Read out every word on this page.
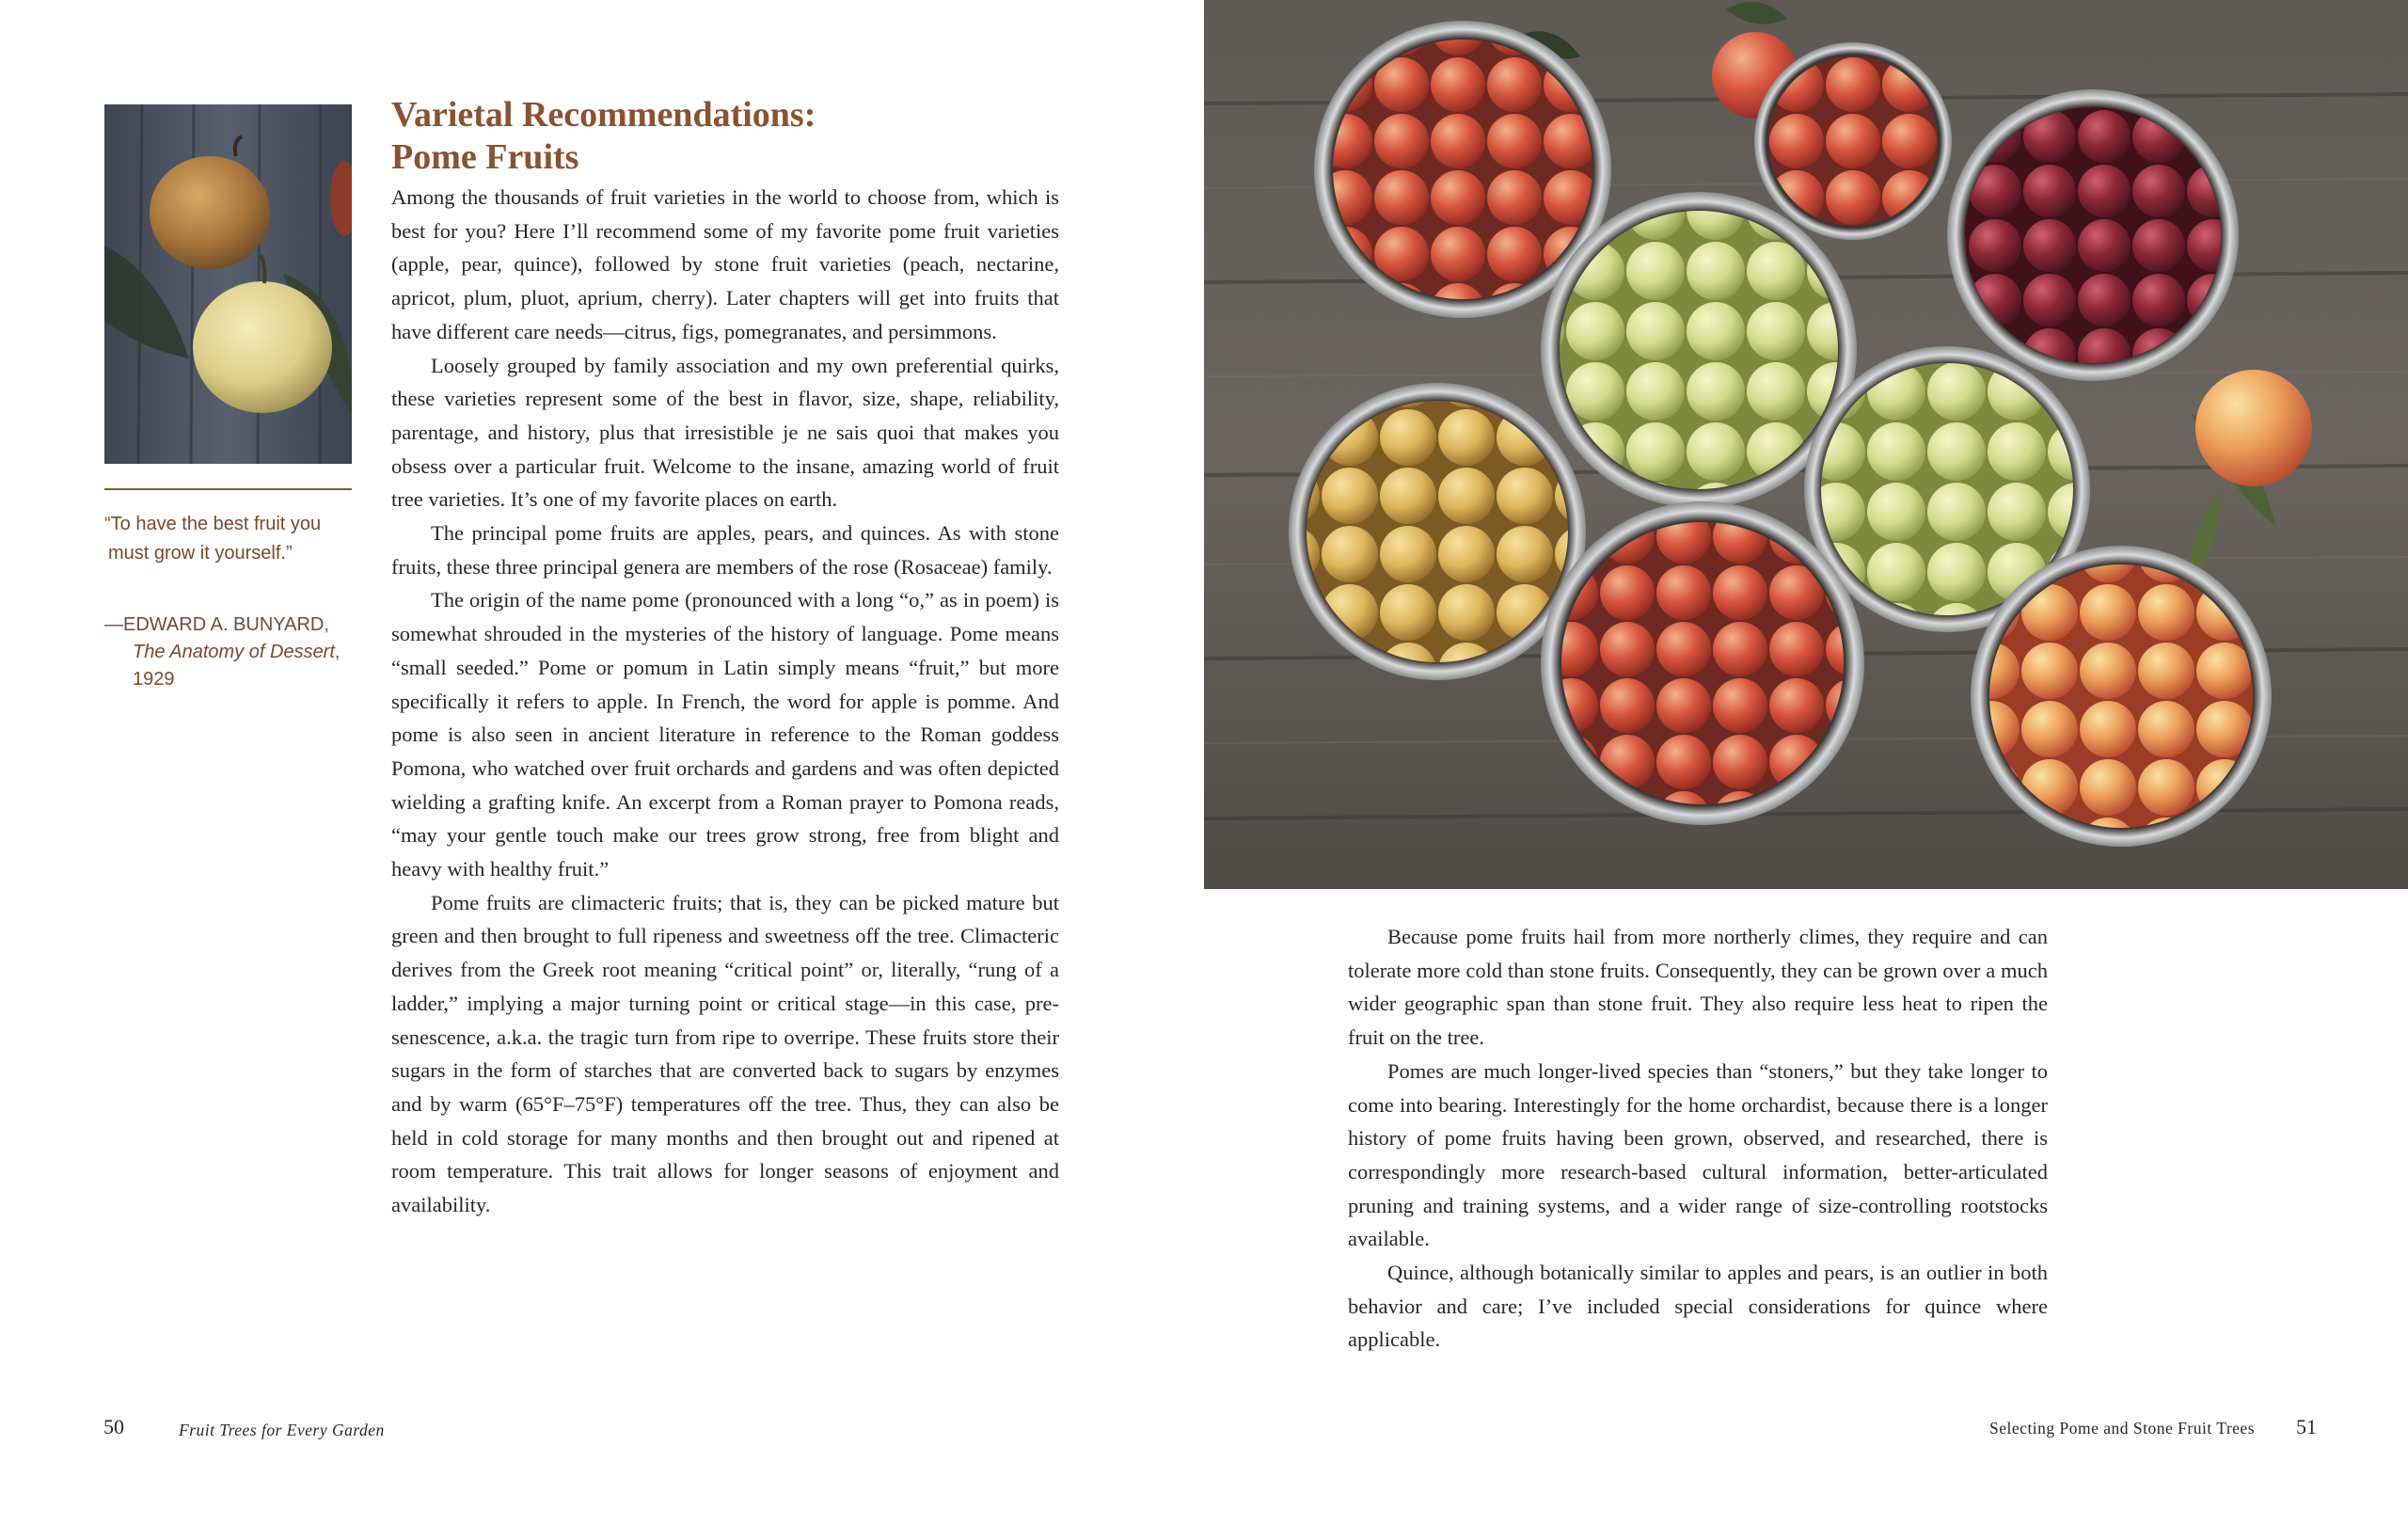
“To have the best fruit you must grow it yourself.”
—EDWARD A. BUNYARD,
The Anatomy of Dessert, 1929
Varietal Recommendations:
Pome Fruits

Among the thousands of fruit varieties in the world to choose from, which is best for you? Here I’ll recommend some of my favorite pome fruit varieties (apple, pear, quince), followed by stone fruit varieties (peach, nectarine, apricot, plum, pluot, aprium, cherry). Later chapters will get into fruits that have different care needs—citrus, figs, pomegranates, and persimmons.

Loosely grouped by family association and my own preferential quirks, these varieties represent some of the best in flavor, size, shape, reliability, parentage, and history, plus that irresistible je ne sais quoi that makes you obsess over a particular fruit. Welcome to the insane, amazing world of fruit tree varieties. It’s one of my favorite places on earth.

The principal pome fruits are apples, pears, and quinces. As with stone fruits, these three principal genera are members of the rose (Rosaceae) family.

The origin of the name pome (pronounced with a long “o,” as in poem) is somewhat shrouded in the mysteries of the history of language. Pome means “small seeded.” Pome or pomum in Latin simply means “fruit,” but more specifically it refers to apple. In French, the word for apple is pomme. And pome is also seen in ancient literature in reference to the Roman goddess Pomona, who watched over fruit orchards and gardens and was often depicted wielding a grafting knife. An excerpt from a Roman prayer to Pomona reads, “may your gentle touch make our trees grow strong, free from blight and heavy with healthy fruit.”

Pome fruits are climacteric fruits; that is, they can be picked mature but green and then brought to full ripeness and sweetness off the tree. Climacteric derives from the Greek root meaning “critical point” or, literally, “rung of a ladder,” implying a major turning point or critical stage—in this case, pre-senescence, a.k.a. the tragic turn from ripe to overripe. These fruits store their sugars in the form of starches that are converted back to sugars by enzymes and by warm (65°F–75°F) temperatures off the tree. Thus, they can also be held in cold storage for many months and then brought out and ripened at room temperature. This trait allows for longer seasons of enjoyment and availability.

50	Fruit Trees for Every Garden

Because pome fruits hail from more northerly climes, they require and can tolerate more cold than stone fruits. Consequently, they can be grown over a much wider geographic span than stone fruit. They also require less heat to ripen the fruit on the tree.

Pomes are much longer-lived species than “stoners,” but they take longer to come into bearing. Interestingly for the home orchardist, because there is a longer history of pome fruits having been grown, observed, and researched, there is correspondingly more research-based cultural information, better-articulated pruning and training systems, and a wider range of size-controlling rootstocks available.

Quince, although botanically similar to apples and pears, is an outlier in both behavior and care; I’ve included special considerations for quince where applicable.

Selecting Pome and Stone Fruit Trees 51
